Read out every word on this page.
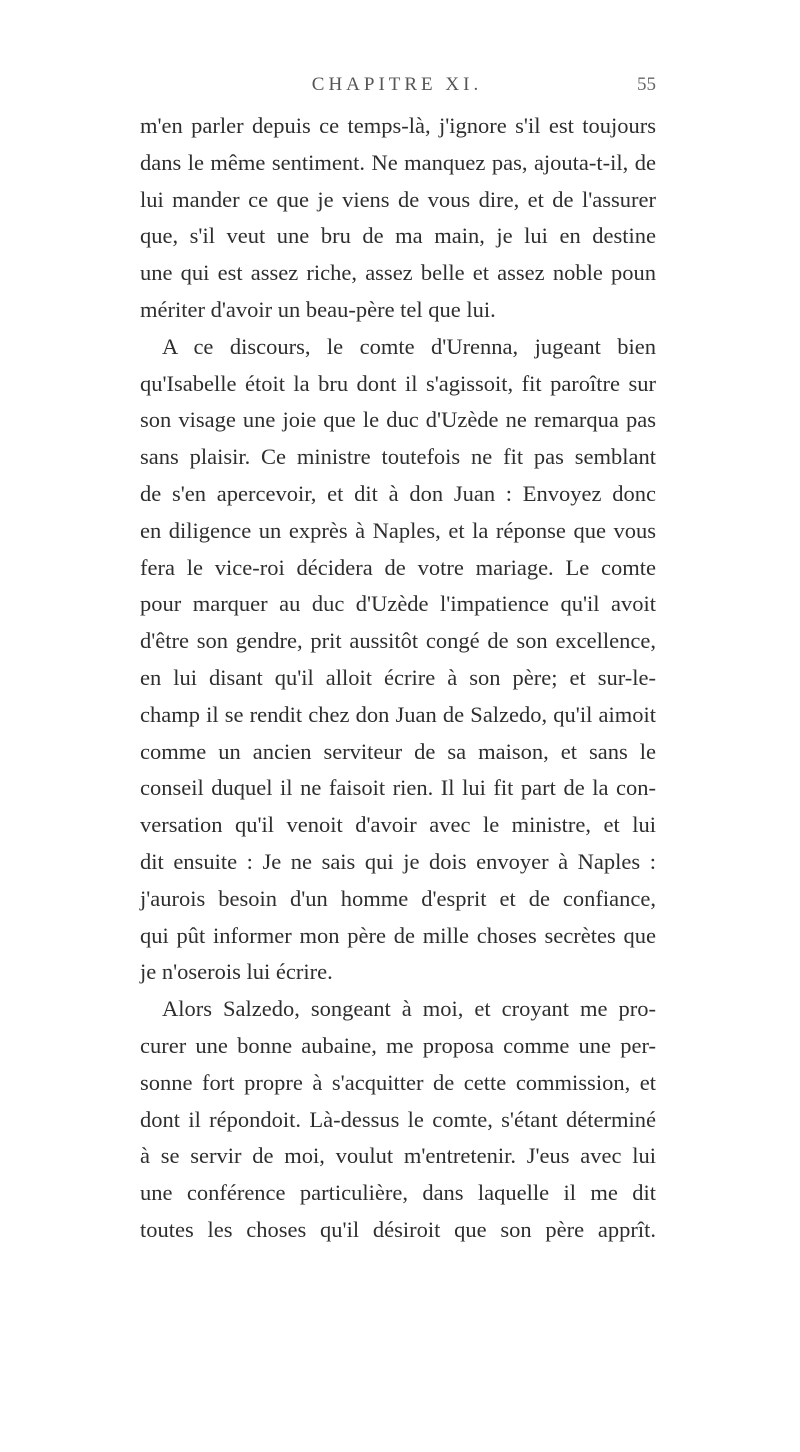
CHAPITRE XI.	55

m'en parler depuis ce temps-là, j'ignore s'il est toujours

dans le même sentiment. Ne manquez pas, ajouta-t-il, de

lui mander ce que je viens de vous dire, et de l'assurer

que, s'il veut une bru de ma main, je lui en destine

une qui est assez riche, assez belle et assez noble poun

mériter d'avoir un beau-père tel que lui.

A ce discours, le comte d'Urenna, jugeant bien

qu'Isabelle étoit la bru dont il s'agissoit, fit paroître sur

son visage une joie que le duc d'Uzède ne remarqua pas

sans plaisir. Ce ministre toutefois ne fit pas semblant

de s'en apercevoir, et dit à don Juan : Envoyez donc

en diligence un exprès à Naples, et la réponse que vous

fera le vice-roi décidera de votre mariage. Le comte

pour marquer au duc d'Uzède l'impatience qu'il avoit

d'être son gendre, prit aussitôt congé de son excellence,

en lui disant qu'il alloit écrire à son père; et sur-le-

champ il se rendit chez don Juan de Salzedo, qu'il aimoit

comme un ancien serviteur de sa maison, et sans le

conseil duquel il ne faisoit rien. Il lui fit part de la con-

versation qu'il venoit d'avoir avec le ministre, et lui

dit ensuite : Je ne sais qui je dois envoyer à Naples :

j'aurois besoin d'un homme d'esprit et de confiance,

qui pût informer mon père de mille choses secrètes que

je n'oserois lui écrire.

Alors Salzedo, songeant à moi, et croyant me pro-

curer une bonne aubaine, me proposa comme une per-

sonne fort propre à s'acquitter de cette commission, et

dont il répondoit. Là-dessus le comte, s'étant déterminé

à se servir de moi, voulut m'entretenir. J'eus avec lui

une conférence particulière, dans laquelle il me dit

toutes les choses qu'il désiroit que son père apprît.
